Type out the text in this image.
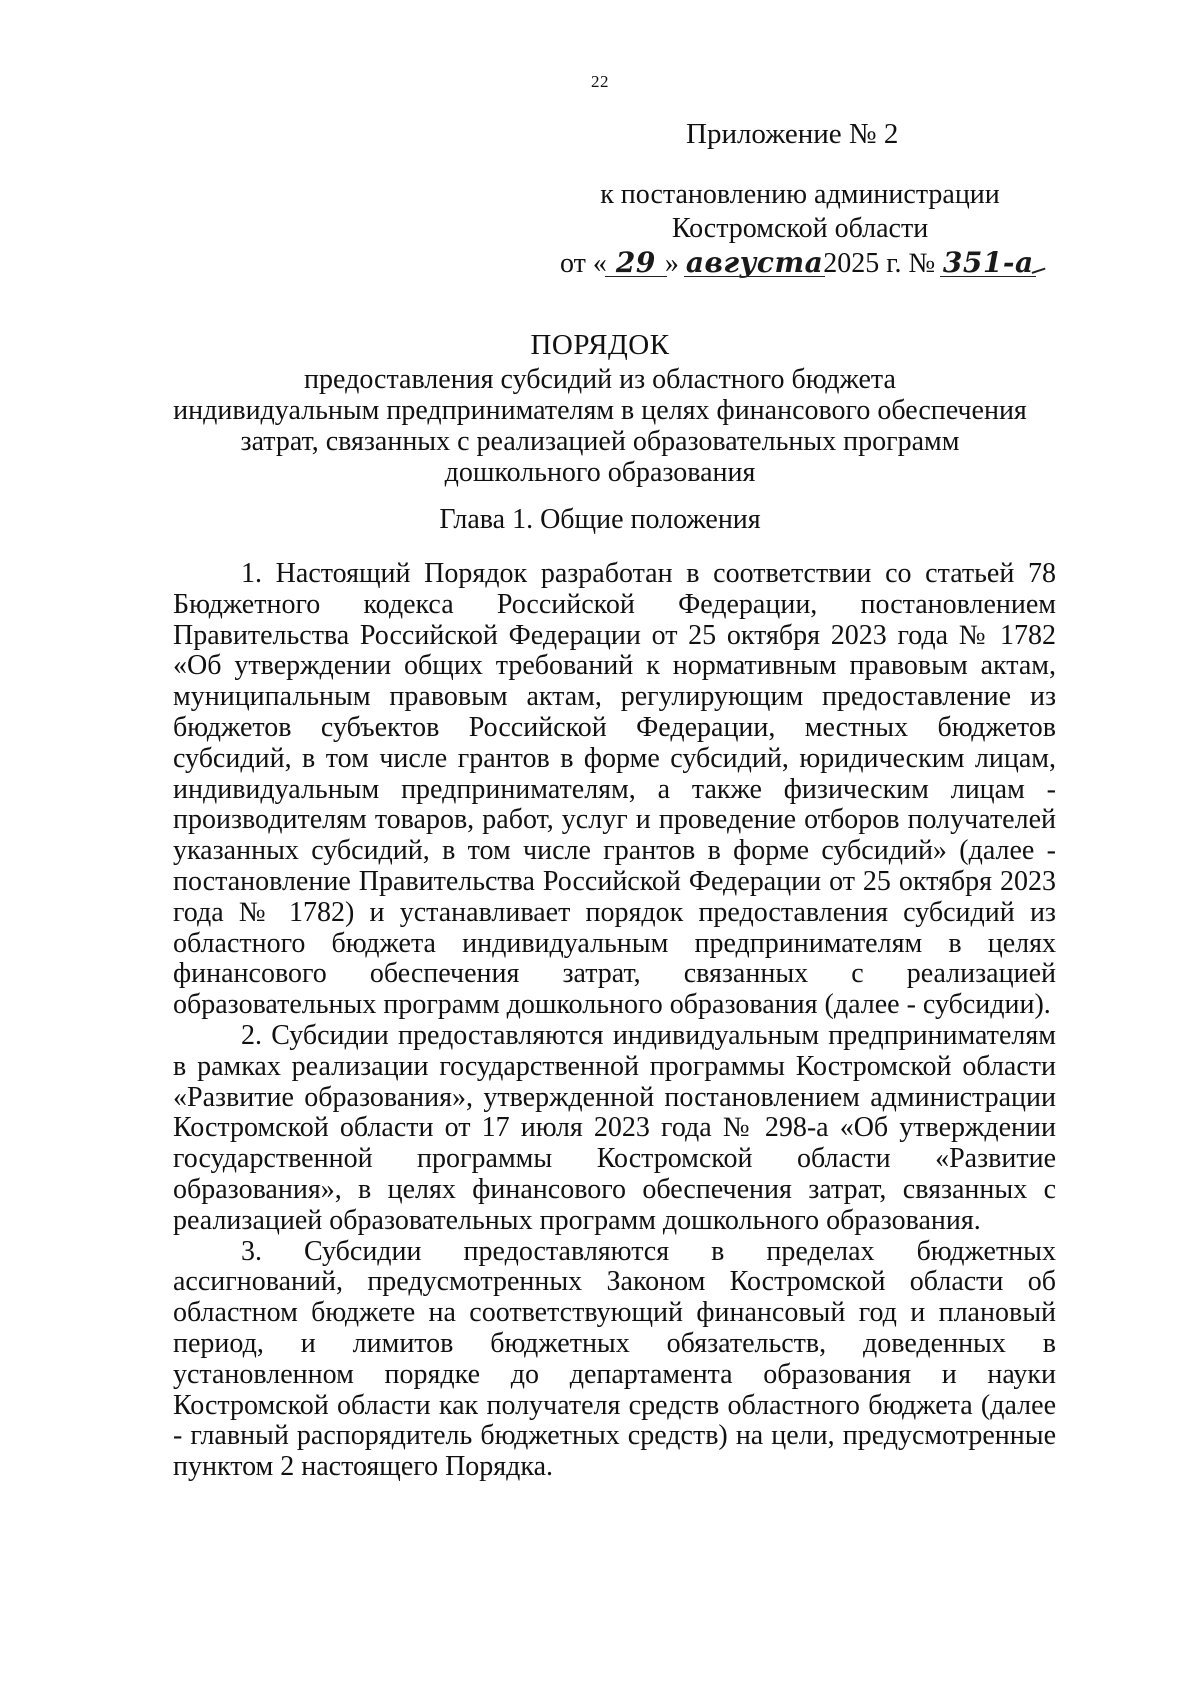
22
Приложение № 2
к постановлению администрации
Костромской области
от « 29 » августа2025 г. № 351-а
ПОРЯДОК
предоставления субсидий из областного бюджета
индивидуальным предпринимателям в целях финансового обеспечения
затрат, связанных с реализацией образовательных программ
дошкольного образования
Глава 1. Общие положения

1. Настоящий Порядок разработан в соответствии со статьей 78 Бюджетного кодекса Российской Федерации, постановлением Правительства Российской Федерации от 25 октября 2023 года № 1782 «Об утверждении общих требований к нормативным правовым актам, муниципальным правовым актам, регулирующим предоставление из бюджетов субъектов Российской Федерации, местных бюджетов субсидий, в том числе грантов в форме субсидий, юридическим лицам, индивидуальным предпринимателям, а также физическим лицам - производителям товаров, работ, услуг и проведение отборов получателей указанных субсидий, в том числе грантов в форме субсидий» (далее - постановление Правительства Российской Федерации от 25 октября 2023 года № 1782) и устанавливает порядок предоставления субсидий из областного бюджета индивидуальным предпринимателям в целях финансового обеспечения затрат, связанных с реализацией образовательных программ дошкольного образования (далее - субсидии).

2. Субсидии предоставляются индивидуальным предпринимателям в рамках реализации государственной программы Костромской области «Развитие образования», утвержденной постановлением администрации Костромской области от 17 июля 2023 года № 298-а «Об утверждении государственной программы Костромской области «Развитие образования», в целях финансового обеспечения затрат, связанных с реализацией образовательных программ дошкольного образования.

3. Субсидии предоставляются в пределах бюджетных ассигнований, предусмотренных Законом Костромской области об областном бюджете на соответствующий финансовый год и плановый период, и лимитов бюджетных обязательств, доведенных в установленном порядке до департамента образования и науки Костромской области как получателя средств областного бюджета (далее - главный распорядитель бюджетных средств) на цели, предусмотренные пунктом 2 настоящего Порядка.
